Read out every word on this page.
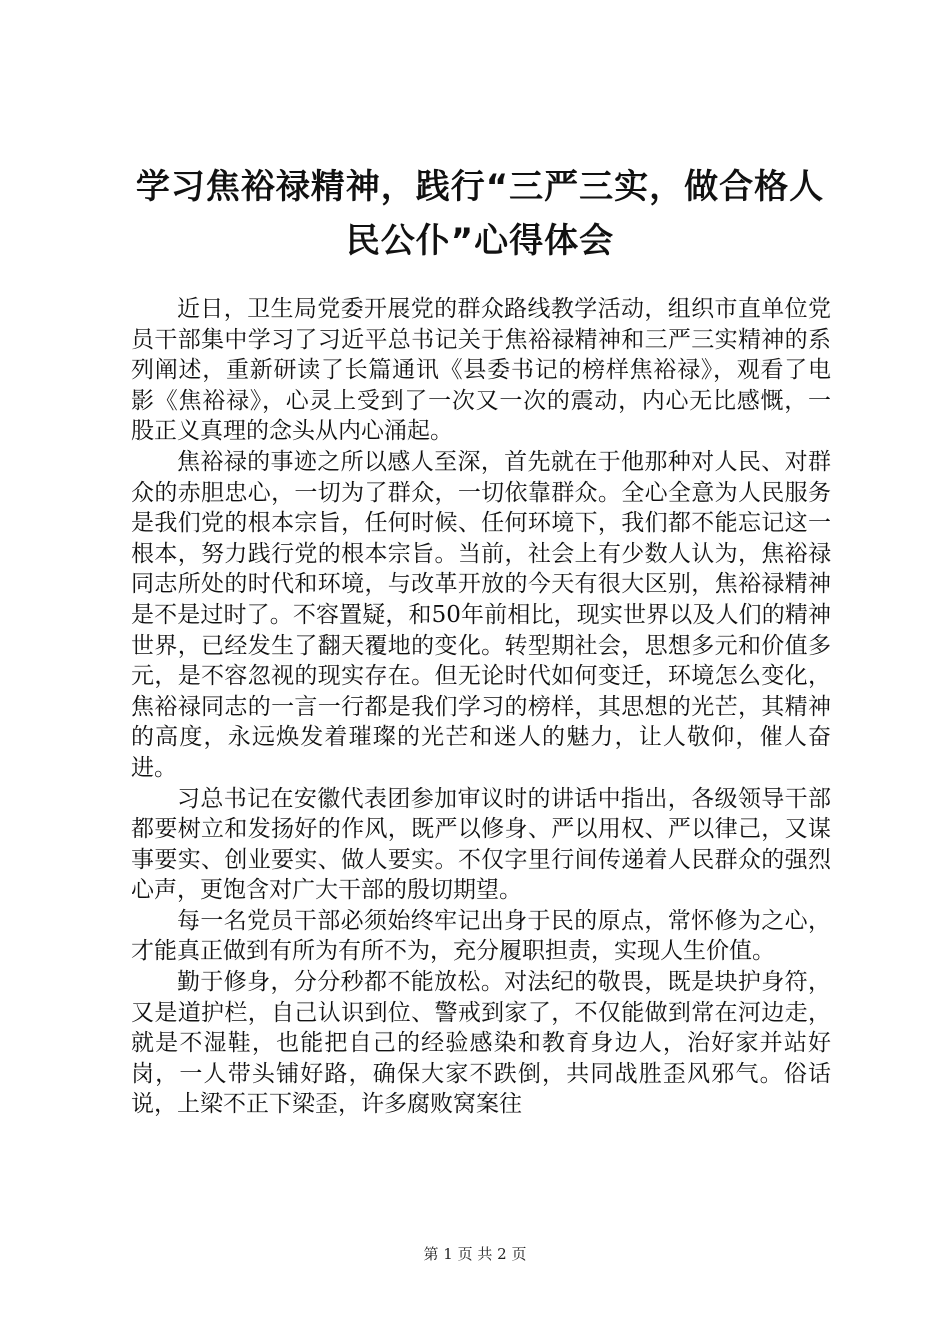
学习焦裕禄精神，践行“三严三实，做合格人
民公仆”心得体会

近日，卫生局党委开展党的群众路线教学活动，组织市直单位党员干部集中学习了习近平总书记关于焦裕禄精神和三严三实精神的系列阐述，重新研读了长篇通讯《县委书记的榜样焦裕禄》，观看了电影《焦裕禄》，心灵上受到了一次又一次的震动，内心无比感慨，一股正义真理的念头从内心涌起。

焦裕禄的事迹之所以感人至深，首先就在于他那种对人民、对群众的赤胆忠心，一切为了群众，一切依靠群众。全心全意为人民服务是我们党的根本宗旨，任何时候、任何环境下，我们都不能忘记这一根本，努力践行党的根本宗旨。当前，社会上有少数人认为，焦裕禄同志所处的时代和环境，与改革开放的今天有很大区别，焦裕禄精神是不是过时了。不容置疑，和50年前相比，现实世界以及人们的精神世界，已经发生了翻天覆地的变化。转型期社会，思想多元和价值多元，是不容忽视的现实存在。但无论时代如何变迁，环境怎么变化，焦裕禄同志的一言一行都是我们学习的榜样，其思想的光芒，其精神的高度，永远焕发着璀璨的光芒和迷人的魅力，让人敬仰，催人奋进。

习总书记在安徽代表团参加审议时的讲话中指出，各级领导干部都要树立和发扬好的作风，既严以修身、严以用权、严以律己，又谋事要实、创业要实、做人要实。不仅字里行间传递着人民群众的强烈心声，更饱含对广大干部的殷切期望。

每一名党员干部必须始终牢记出身于民的原点，常怀修为之心，才能真正做到有所为有所不为，充分履职担责，实现人生价值。

勤于修身，分分秒都不能放松。对法纪的敬畏，既是块护身符，又是道护栏，自己认识到位、警戒到家了，不仅能做到常在河边走，就是不湿鞋，也能把自己的经验感染和教育身边人，治好家并站好岗，一人带头铺好路，确保大家不跌倒，共同战胜歪风邪气。俗话说，上梁不正下梁歪，许多腐败窝案往

第 1 页 共 2 页
